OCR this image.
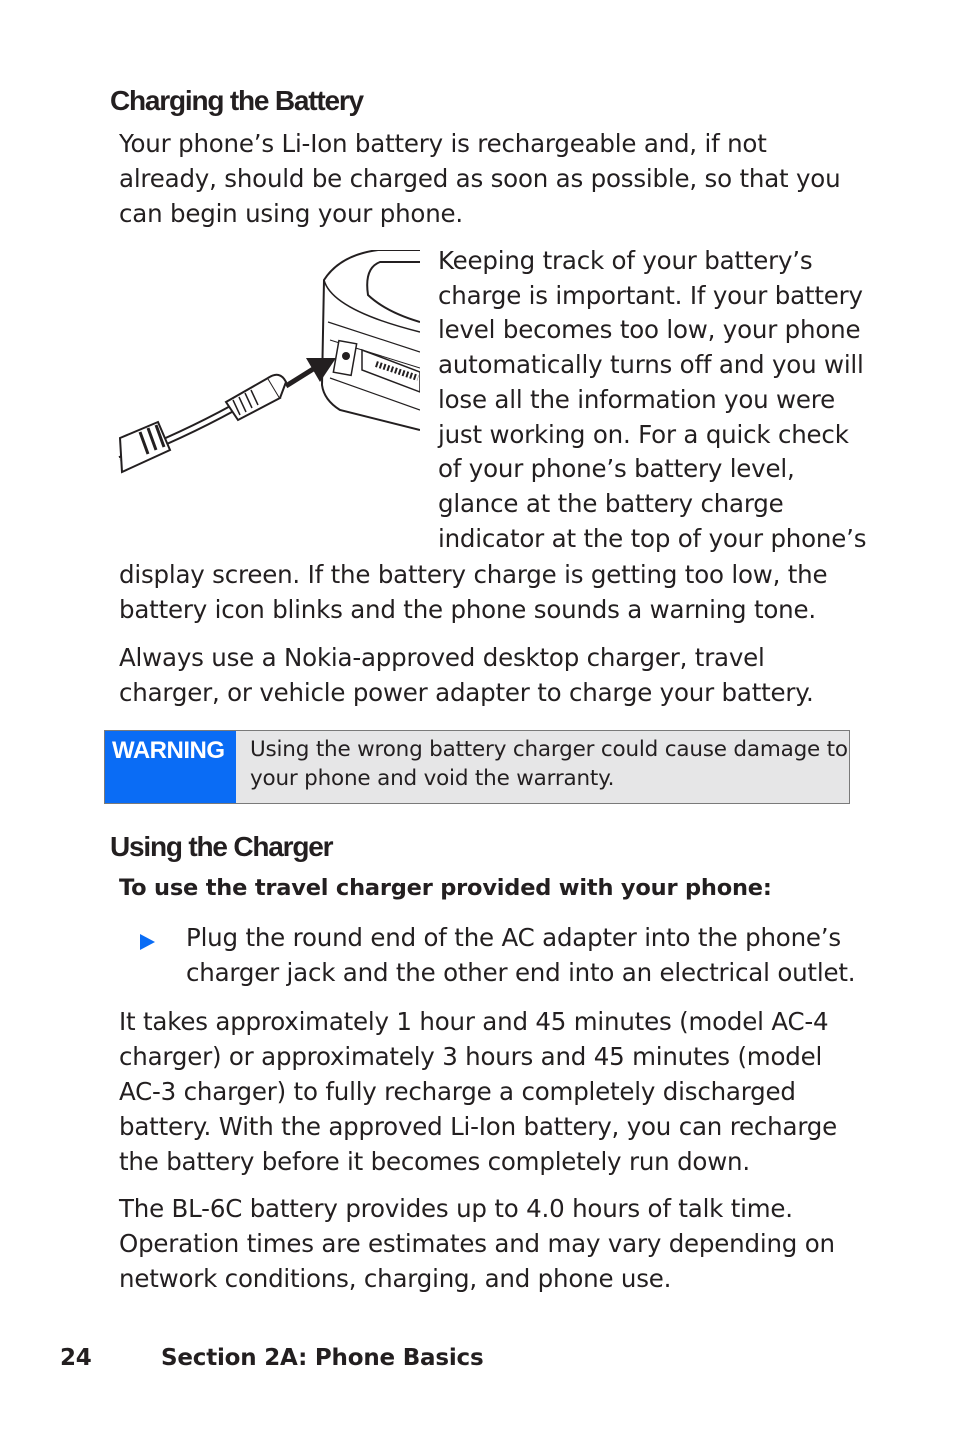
Charging the Battery

Your phone’s Li-Ion battery is rechargeable and, if not already, should be charged as soon as possible, so that you can begin using your phone.

Keeping track of your battery’s charge is important. If your battery level becomes too low, your phone automatically turns off and you will lose all the information you were just working on. For a quick check of your phone’s battery level, glance at the battery charge indicator at the top of your phone’s

display screen. If the battery charge is getting too low, the battery icon blinks and the phone sounds a warning tone.

Always use a Nokia-approved desktop charger, travel charger, or vehicle power adapter to charge your battery.

WARNING	Using the wrong battery charger could cause damage to your phone and void the warranty.
Using the Charger

To use the travel charger provided with your phone:

Plug the round end of the AC adapter into the phone’s charger jack and the other end into an electrical outlet.

It takes approximately 1 hour and 45 minutes (model AC-4 charger) or approximately 3 hours and 45 minutes (model AC-3 charger) to fully recharge a completely discharged battery. With the approved Li-Ion battery, you can recharge the battery before it becomes completely run down.

The BL-6C battery provides up to 4.0 hours of talk time. Operation times are estimates and may vary depending on network conditions, charging, and phone use.

24	Section 2A: Phone Basics
